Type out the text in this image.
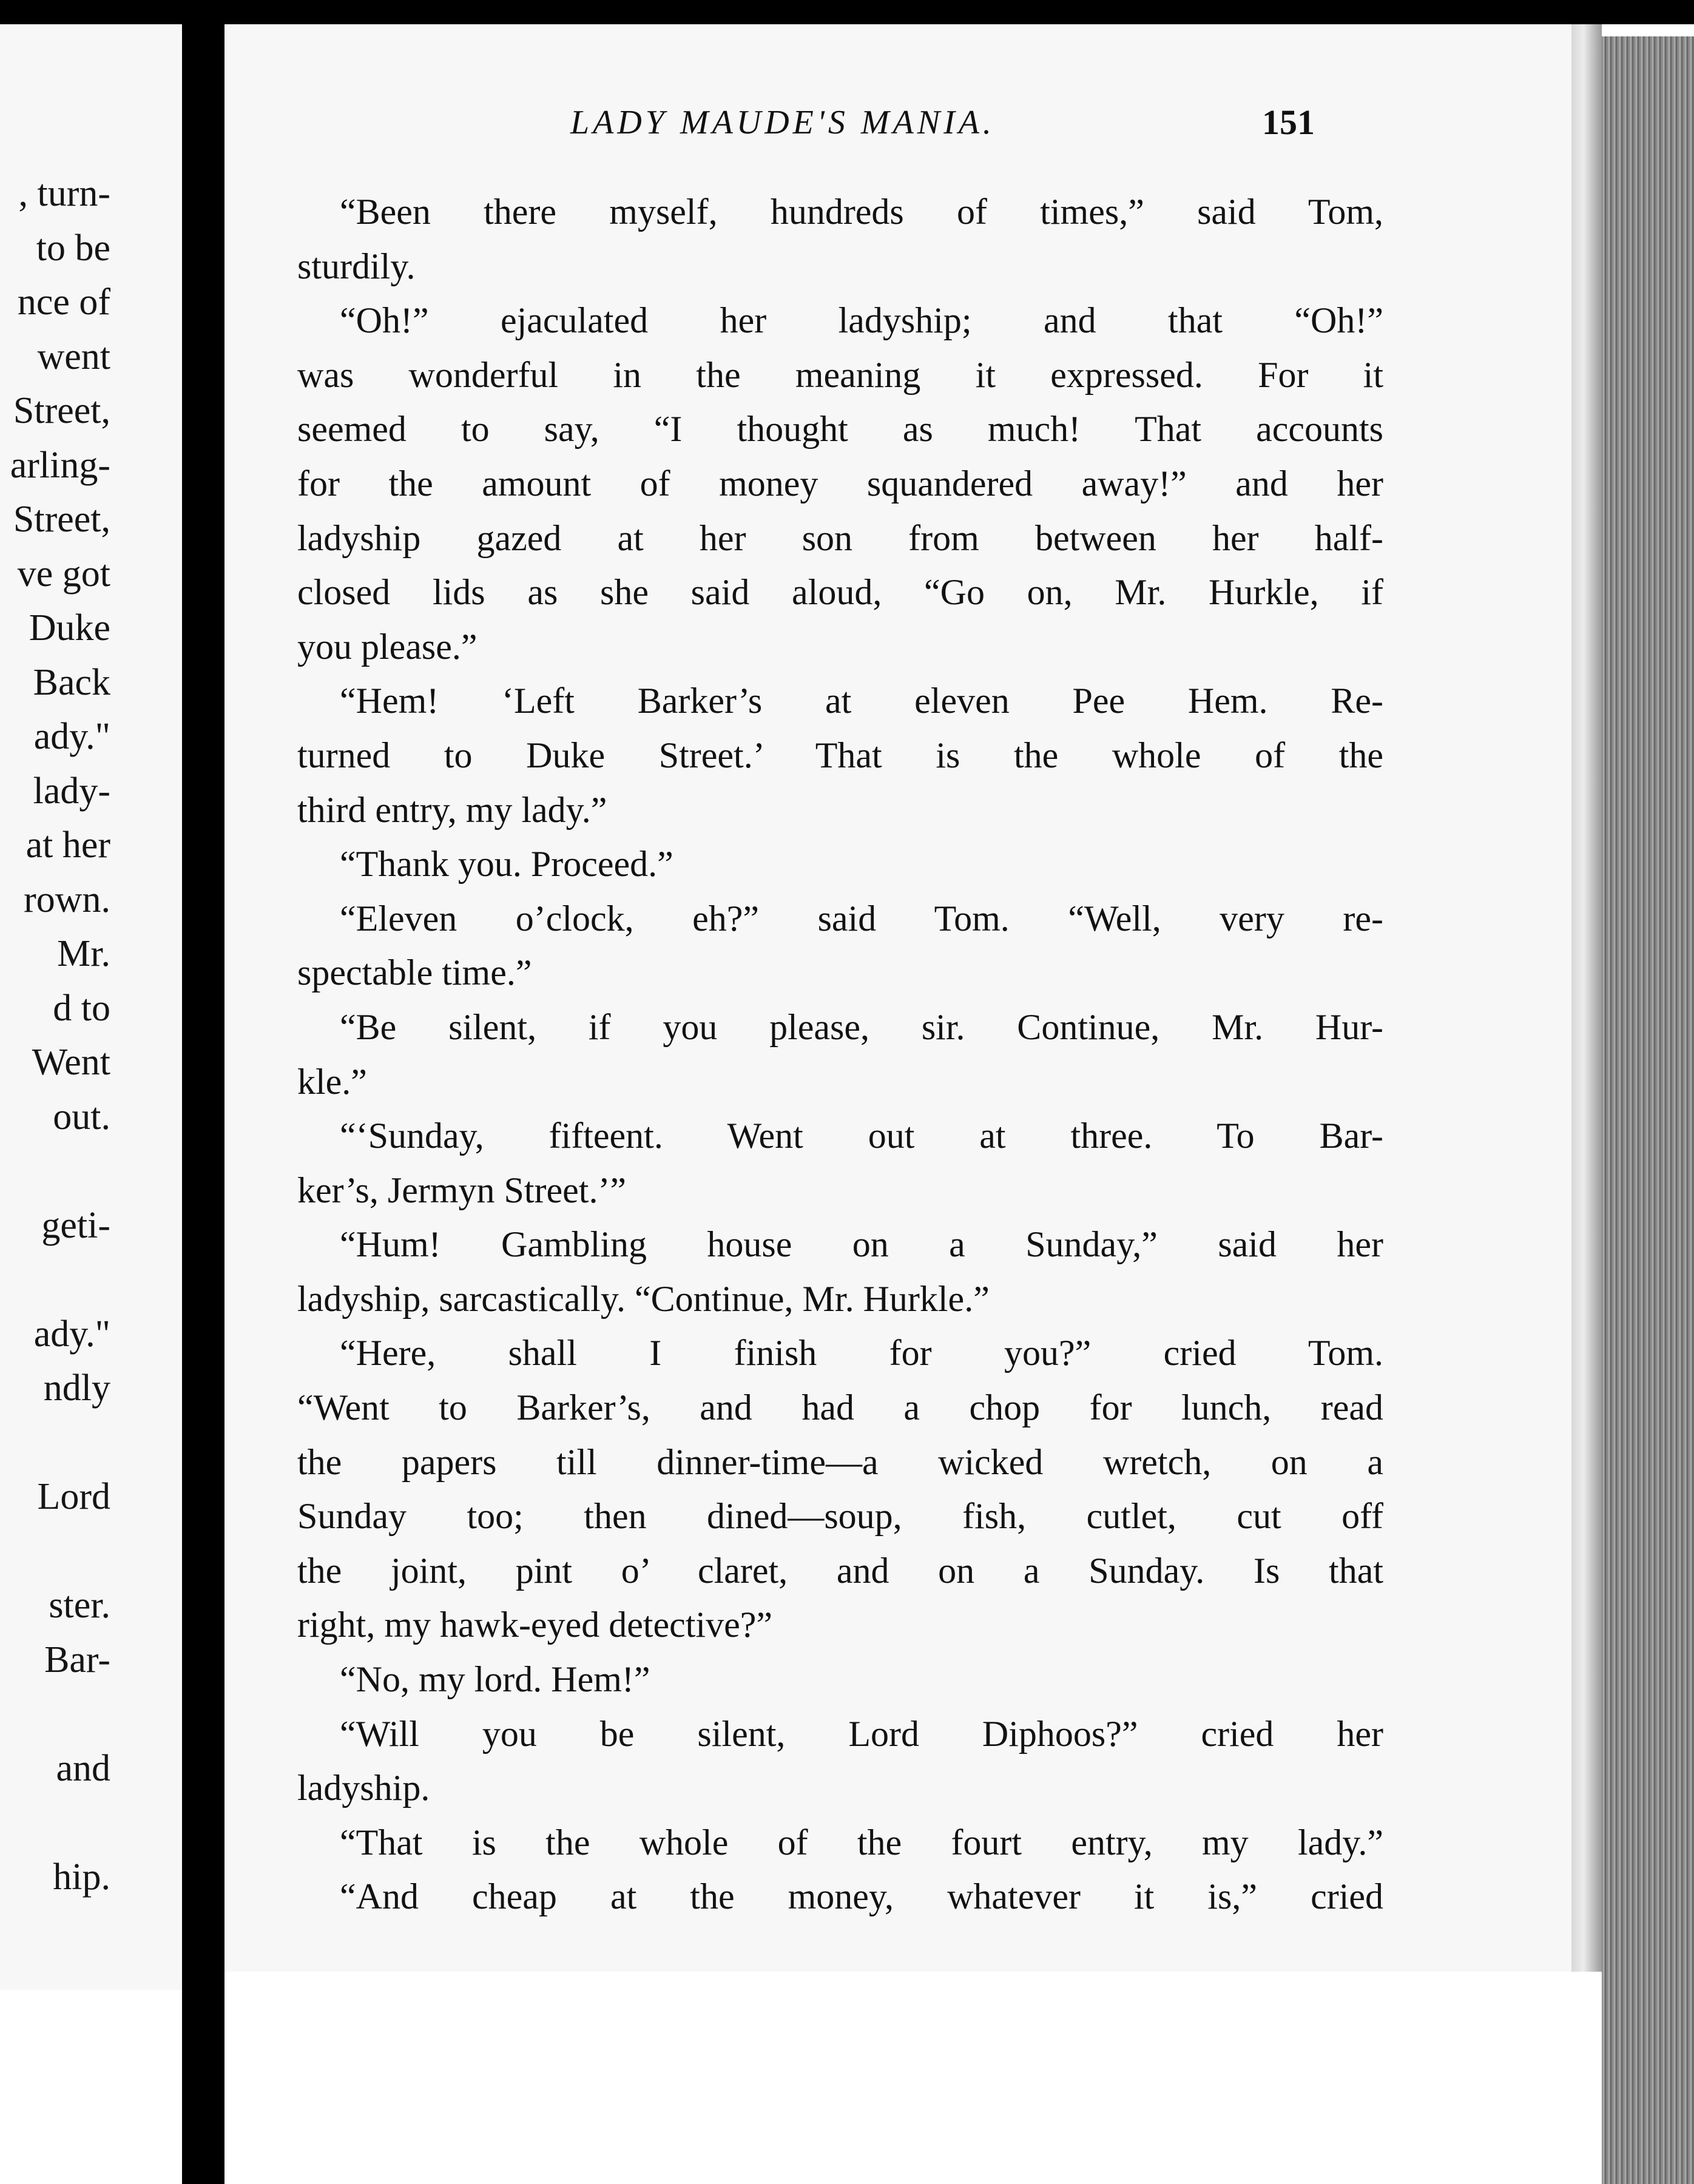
, turn-
to be
nce of
went
Street,
arling-
Street,
ve got
Duke
Back
ady."
lady-
at her
rown.
Mr.
d to
Went
out.
geti-
ady."
ndly
Lord
ster.
Bar-
and
hip.
LADY MAUDE'S MANIA.	151
“Been there myself, hundreds of times,” said Tom,
sturdily.
“Oh!” ejaculated her ladyship; and that “Oh!”
was wonderful in the meaning it expressed. For it
seemed to say, “I thought as much! That accounts
for the amount of money squandered away!” and her
ladyship gazed at her son from between her half-
closed lids as she said aloud, “Go on, Mr. Hurkle, if
you please.”
“Hem! ‘Left Barker’s at eleven Pee Hem. Re-
turned to Duke Street.’ That is the whole of the
third entry, my lady.”
“Thank you. Proceed.”
“Eleven o’clock, eh?” said Tom. “Well, very re-
spectable time.”
“Be silent, if you please, sir. Continue, Mr. Hur-
kle.”
“‘Sunday, fifteent. Went out at three. To Bar-
ker’s, Jermyn Street.’”
“Hum! Gambling house on a Sunday,” said her
ladyship, sarcastically. “Continue, Mr. Hurkle.”
“Here, shall I finish for you?” cried Tom.
“Went to Barker’s, and had a chop for lunch, read
the papers till dinner-time—a wicked wretch, on a
Sunday too; then dined—soup, fish, cutlet, cut off
the joint, pint o’ claret, and on a Sunday. Is that
right, my hawk-eyed detective?”
“No, my lord. Hem!”
“Will you be silent, Lord Diphoos?” cried her
ladyship.
“That is the whole of the fourt entry, my lady.”
“And cheap at the money, whatever it is,” cried
